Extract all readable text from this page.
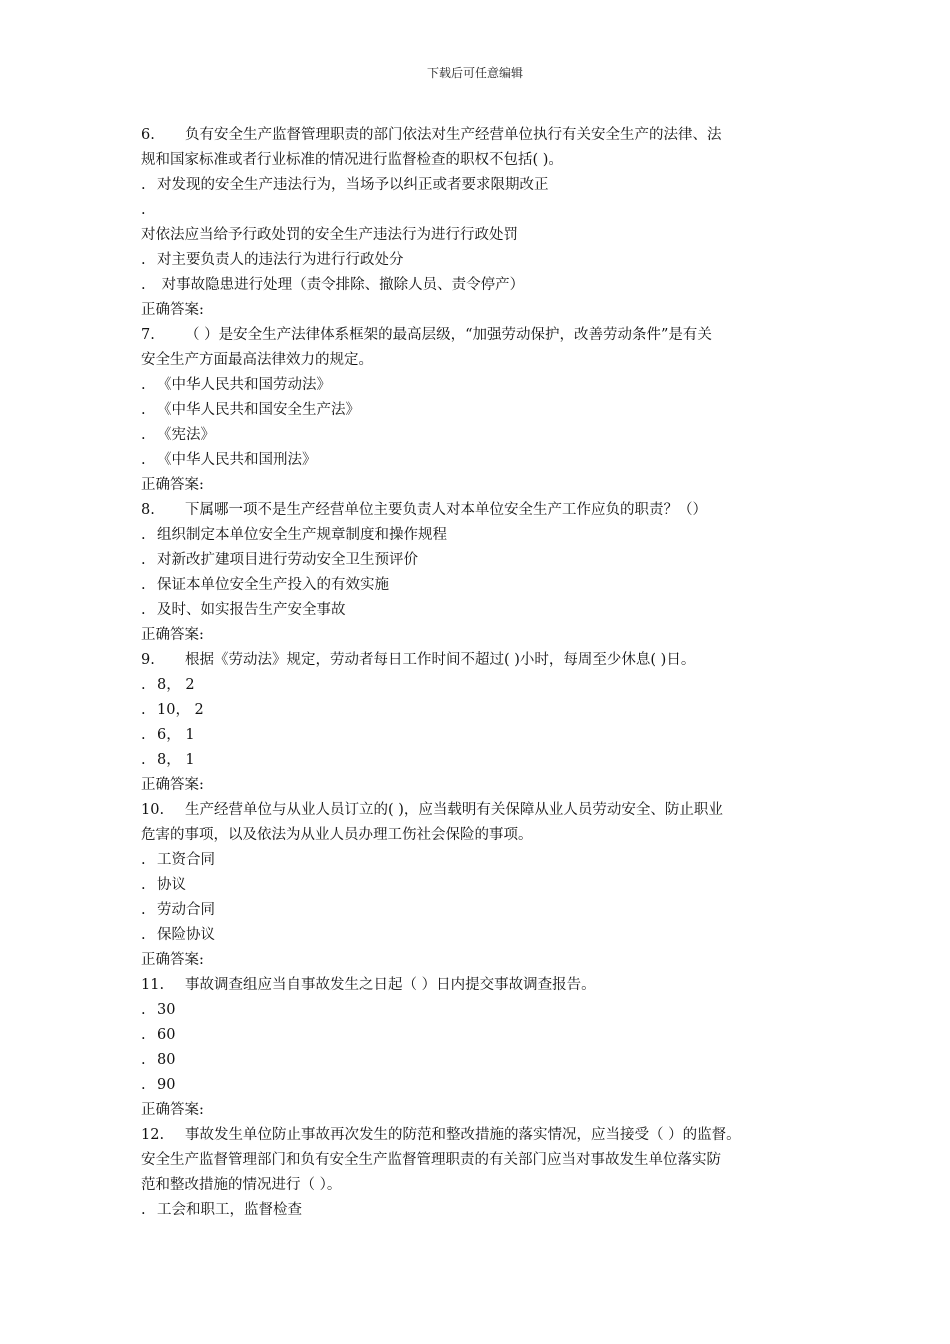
下载后可任意编辑
6. 负有安全生产监督管理职责的部门依法对生产经营单位执行有关安全生产的法律、法
规和国家标准或者行业标准的情况进行监督检查的职权不包括( )。
. 对发现的安全生产违法行为，当场予以纠正或者要求限期改正
.
对依法应当给予行政处罚的安全生产违法行为进行行政处罚
. 对主要负责人的违法行为进行行政处分
. 对事故隐患进行处理（责令排除、撤除人员、责令停产）
正确答案:
7. （ ）是安全生产法律体系框架的最高层级，“加强劳动保护，改善劳动条件”是有关
安全生产方面最高法律效力的规定。
. 《中华人民共和国劳动法》
. 《中华人民共和国安全生产法》
. 《宪法》
. 《中华人民共和国刑法》
正确答案:
8. 下属哪一项不是生产经营单位主要负责人对本单位安全生产工作应负的职责？（）
. 组织制定本单位安全生产规章制度和操作规程
. 对新改扩建项目进行劳动安全卫生预评价
. 保证本单位安全生产投入的有效实施
. 及时、如实报告生产安全事故
正确答案:
9. 根据《劳动法》规定，劳动者每日工作时间不超过( )小时，每周至少休息( )日。
. 8， 2
. 10， 2
. 6， 1
. 8， 1
正确答案:
10. 生产经营单位与从业人员订立的( )，应当载明有关保障从业人员劳动安全、防止职业
危害的事项，以及依法为从业人员办理工伤社会保险的事项。
. 工资合同
. 协议
. 劳动合同
. 保险协议
正确答案:
11. 事故调查组应当自事故发生之日起（ ）日内提交事故调查报告。
. 30
. 60
. 80
. 90
正确答案:
12. 事故发生单位防止事故再次发生的防范和整改措施的落实情况，应当接受（ ）的监督。
安全生产监督管理部门和负有安全生产监督管理职责的有关部门应当对事故发生单位落实防
范和整改措施的情况进行（ ）。
. 工会和职工，监督检查
